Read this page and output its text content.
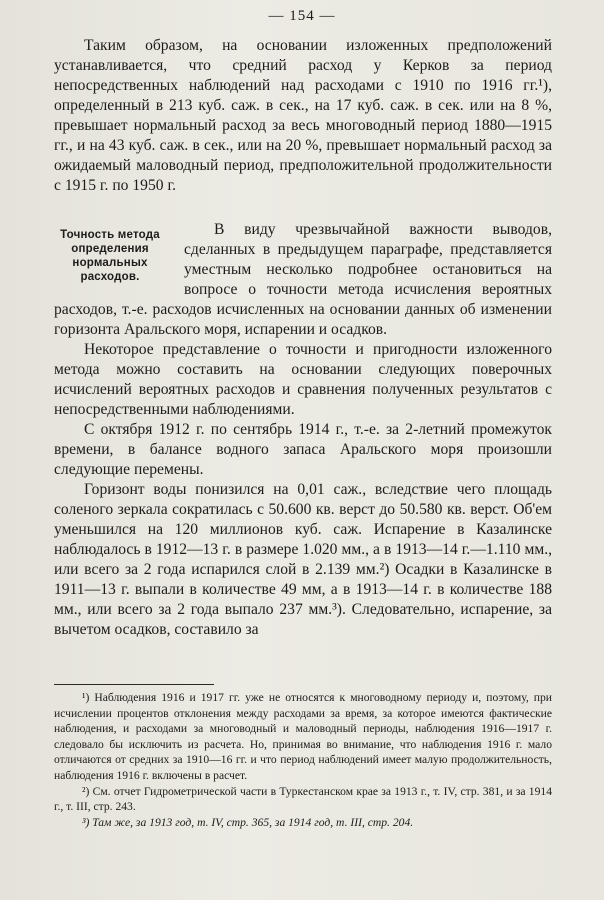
— 154 —

Таким образом, на основании изложенных предположений устанавливается, что средний расход у Керков за период непосредственных наблюдений над расходами с 1910 по 1916 гг.¹), определенный в 213 куб. саж. в сек., на 17 куб. саж. в сек. или на 8 %, превышает нормальный расход за весь многоводный период 1880—1915 гг., и на 43 куб. саж. в сек., или на 20 %, превышает нормальный расход за ожидаемый маловодный период, предположительной продолжительности с 1915 г. по 1950 г.

Точность метода определения нормальных расходов.

В виду чрезвычайной важности выводов, сделанных в предыдущем параграфе, представляется уместным несколько подробнее остановиться на вопросе о точности метода исчисления вероятных расходов, т.-е. расходов исчисленных на основании данных об изменении горизонта Аральского моря, испарении и осадков.

Некоторое представление о точности и пригодности изложенного метода можно составить на основании следующих поверочных исчислений вероятных расходов и сравнения полученных результатов с непосредственными наблюдениями.

С октября 1912 г. по сентябрь 1914 г., т.-е. за 2-летний промежуток времени, в балансе водного запаса Аральского моря произошли следующие перемены.

Горизонт воды понизился на 0,01 саж., вследствие чего площадь соленого зеркала сократилась с 50.600 кв. верст до 50.580 кв. верст. Об'ем уменьшился на 120 миллионов куб. саж. Испарение в Казалинске наблюдалось в 1912—13 г. в размере 1.020 мм., а в 1913—14 г.—1.110 мм., или всего за 2 года испарился слой в 2.139 мм.²) Осадки в Казалинске в 1911—13 г. выпали в количестве 49 мм, а в 1913—14 г. в количестве 188 мм., или всего за 2 года выпало 237 мм.³). Следовательно, испарение, за вычетом осадков, составило за

¹) Наблюдения 1916 и 1917 гг. уже не относятся к многоводному периоду и, поэтому, при исчислении процентов отклонения между расходами за время, за которое имеются фактические наблюдения, и расходами за многоводный и маловодный периоды, наблюдения 1916—1917 г. следовало бы исключить из расчета. Но, принимая во внимание, что наблюдения 1916 г. мало отличаются от средних за 1910—16 гг. и что период наблюдений имеет малую продолжительность, наблюдения 1916 г. включены в расчет.

²) См. отчет Гидрометрической части в Туркестанском крае за 1913 г., т. IV, стр. 381, и за 1914 г., т. III, стр. 243.

³) Там же, за 1913 год, т. IV, стр. 365, за 1914 год, т. III, стр. 204.
